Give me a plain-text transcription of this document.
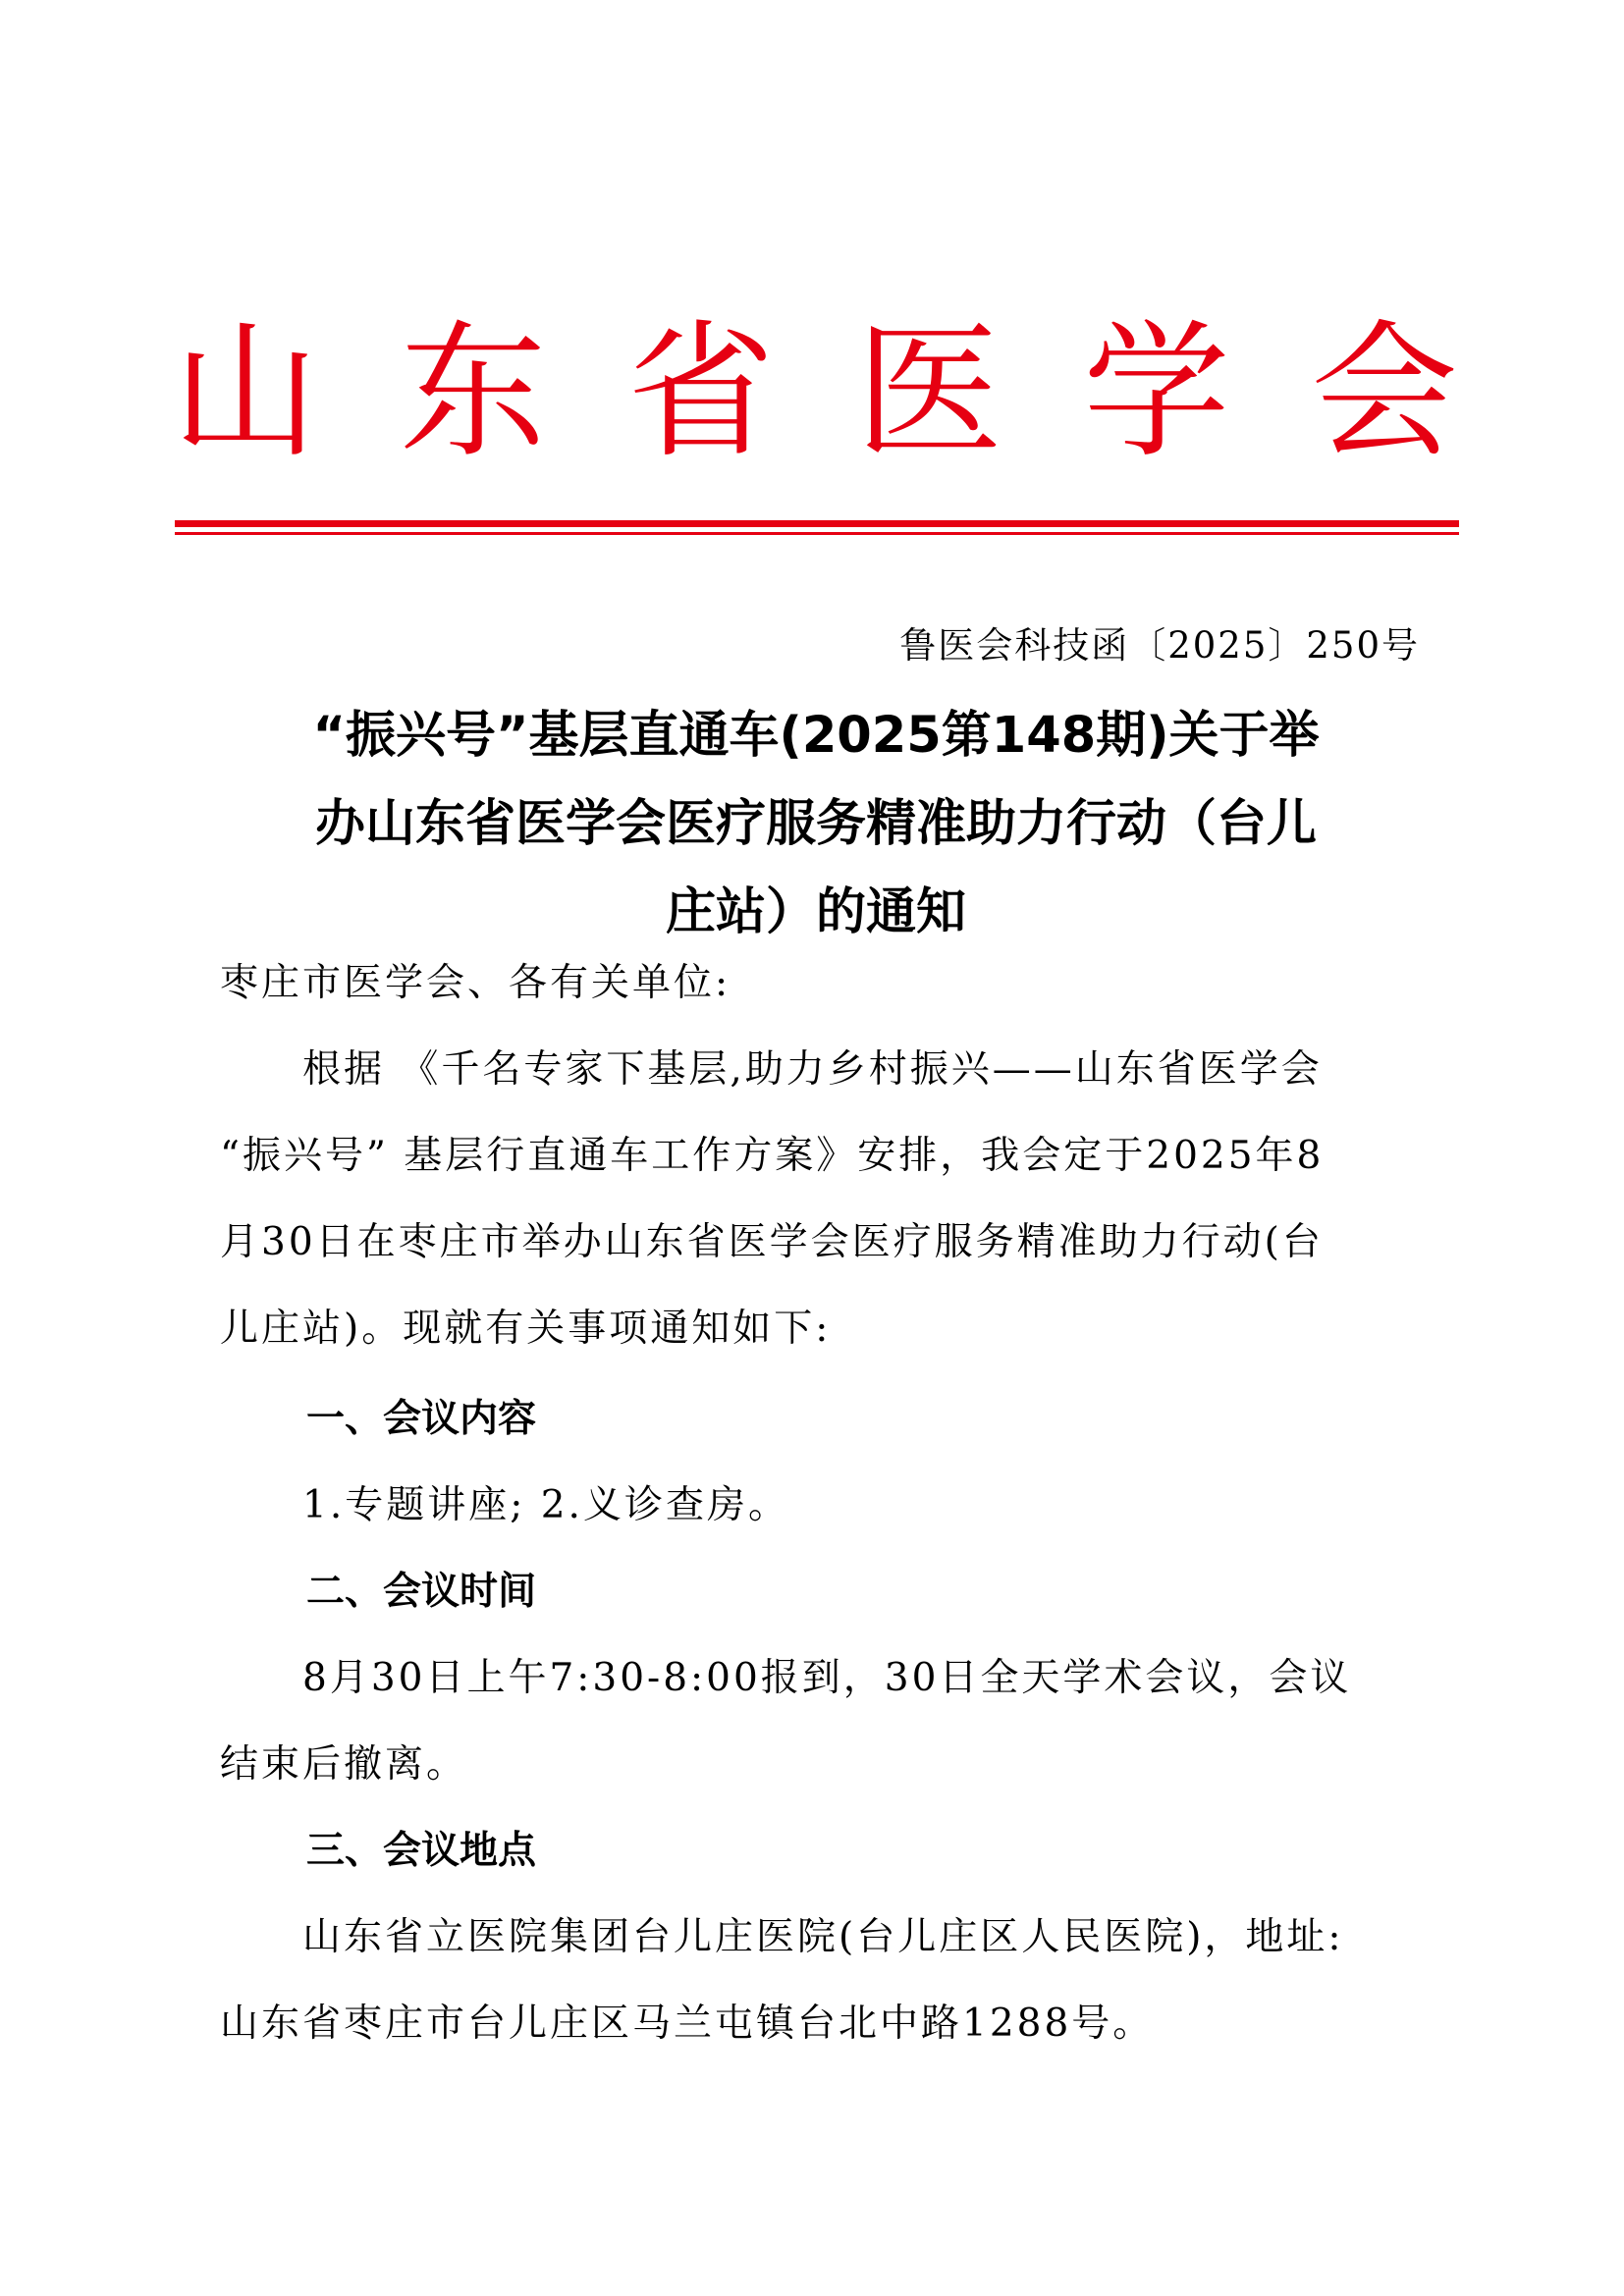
山 东 省 医 学 会
鲁医会科技函〔2025〕250号
“振兴号”基层直通车(2025第148期)关于举
办山东省医学会医疗服务精准助力行动（台儿
庄站）的通知
枣庄市医学会、各有关单位:
　　根据 《千名专家下基层,助力乡村振兴——山东省医学会
“振兴号” 基层行直通车工作方案》安排，我会定于2025年8
月30日在枣庄市举办山东省医学会医疗服务精准助力行动(台
儿庄站)。现就有关事项通知如下:
一、会议内容
　　1.专题讲座; 2.义诊查房。
二、会议时间
　　8月30日上午7:30-8:00报到，30日全天学术会议，会议
结束后撤离。
三、会议地点
　　山东省立医院集团台儿庄医院(台儿庄区人民医院)，地址:
山东省枣庄市台儿庄区马兰屯镇台北中路1288号。
